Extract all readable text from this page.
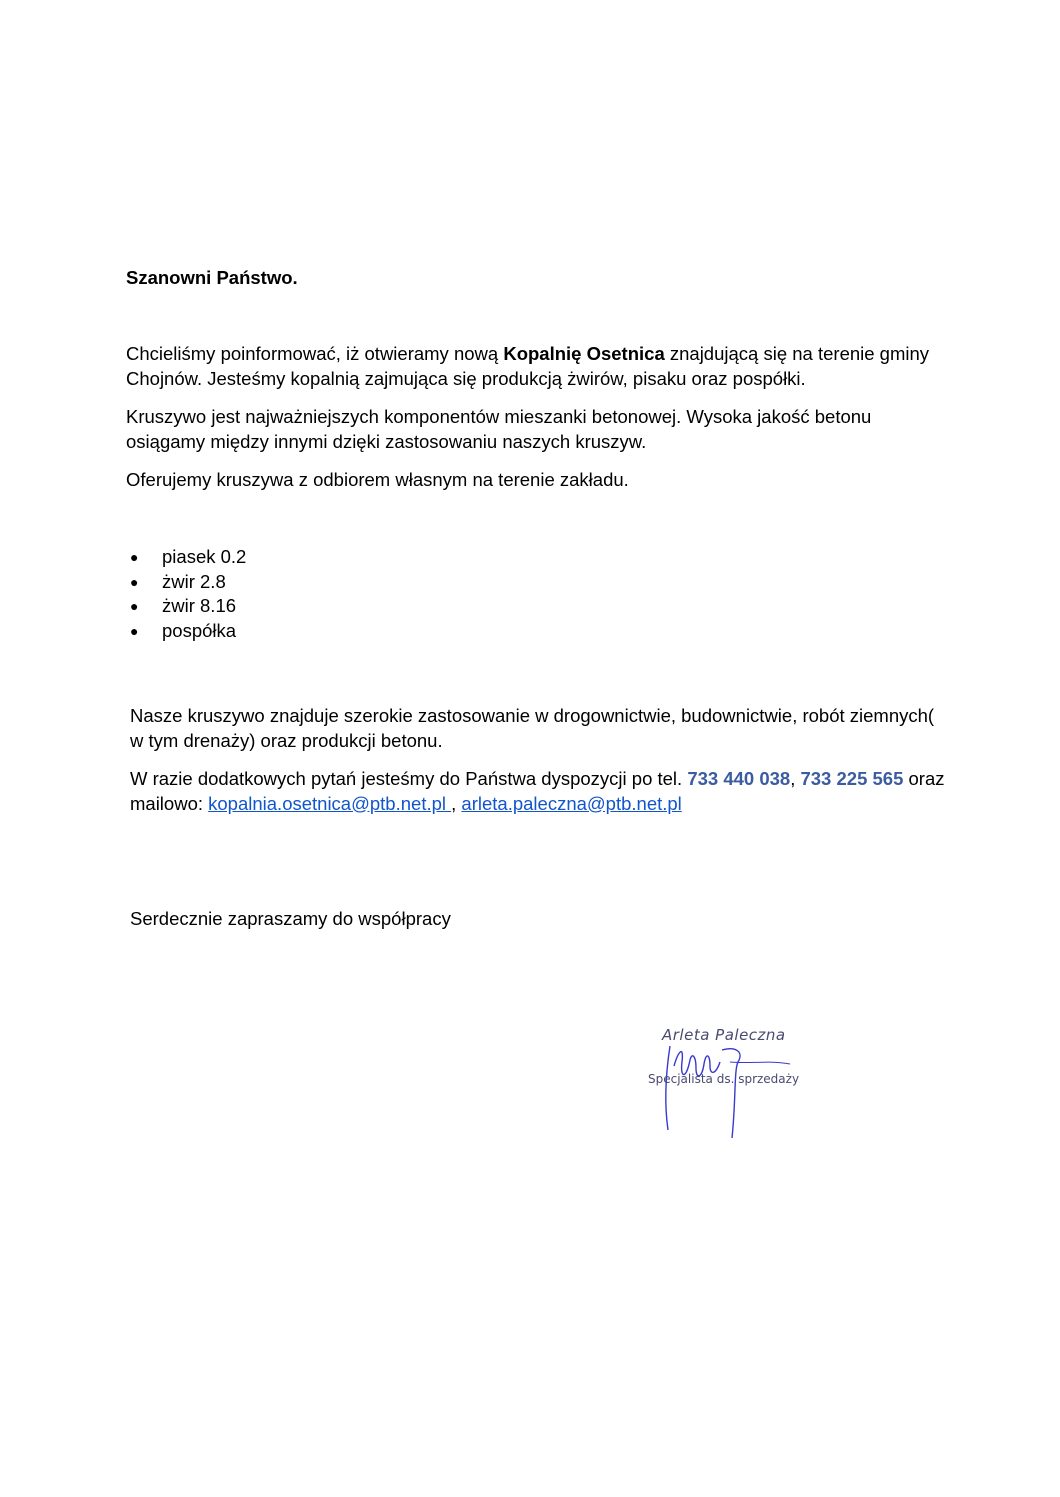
Szanowni Państwo.

Chcieliśmy poinformować, iż otwieramy nową Kopalnię Osetnica znajdującą się na terenie gminy Chojnów. Jesteśmy kopalnią zajmująca się produkcją żwirów, pisaku oraz pospółki.

Kruszywo jest najważniejszych komponentów mieszanki betonowej. Wysoka jakość betonu osiągamy między innymi dzięki zastosowaniu naszych kruszyw.

Oferujemy kruszywa z odbiorem własnym na terenie zakładu.

● piasek 0.2
● żwir 2.8
● żwir 8.16
● pospółka

Nasze kruszywo znajduje szerokie zastosowanie w drogownictwie, budownictwie, robót ziemnych( w tym drenaży) oraz produkcji betonu.

W razie dodatkowych pytań jesteśmy do Państwa dyspozycji po tel. 733 440 038, 733 225 565 oraz mailowo: kopalnia.osetnica@ptb.net.pl , arleta.paleczna@ptb.net.pl

Serdecznie zapraszamy do współpracy

Arleta Paleczna
Specjalista ds. sprzedaży
